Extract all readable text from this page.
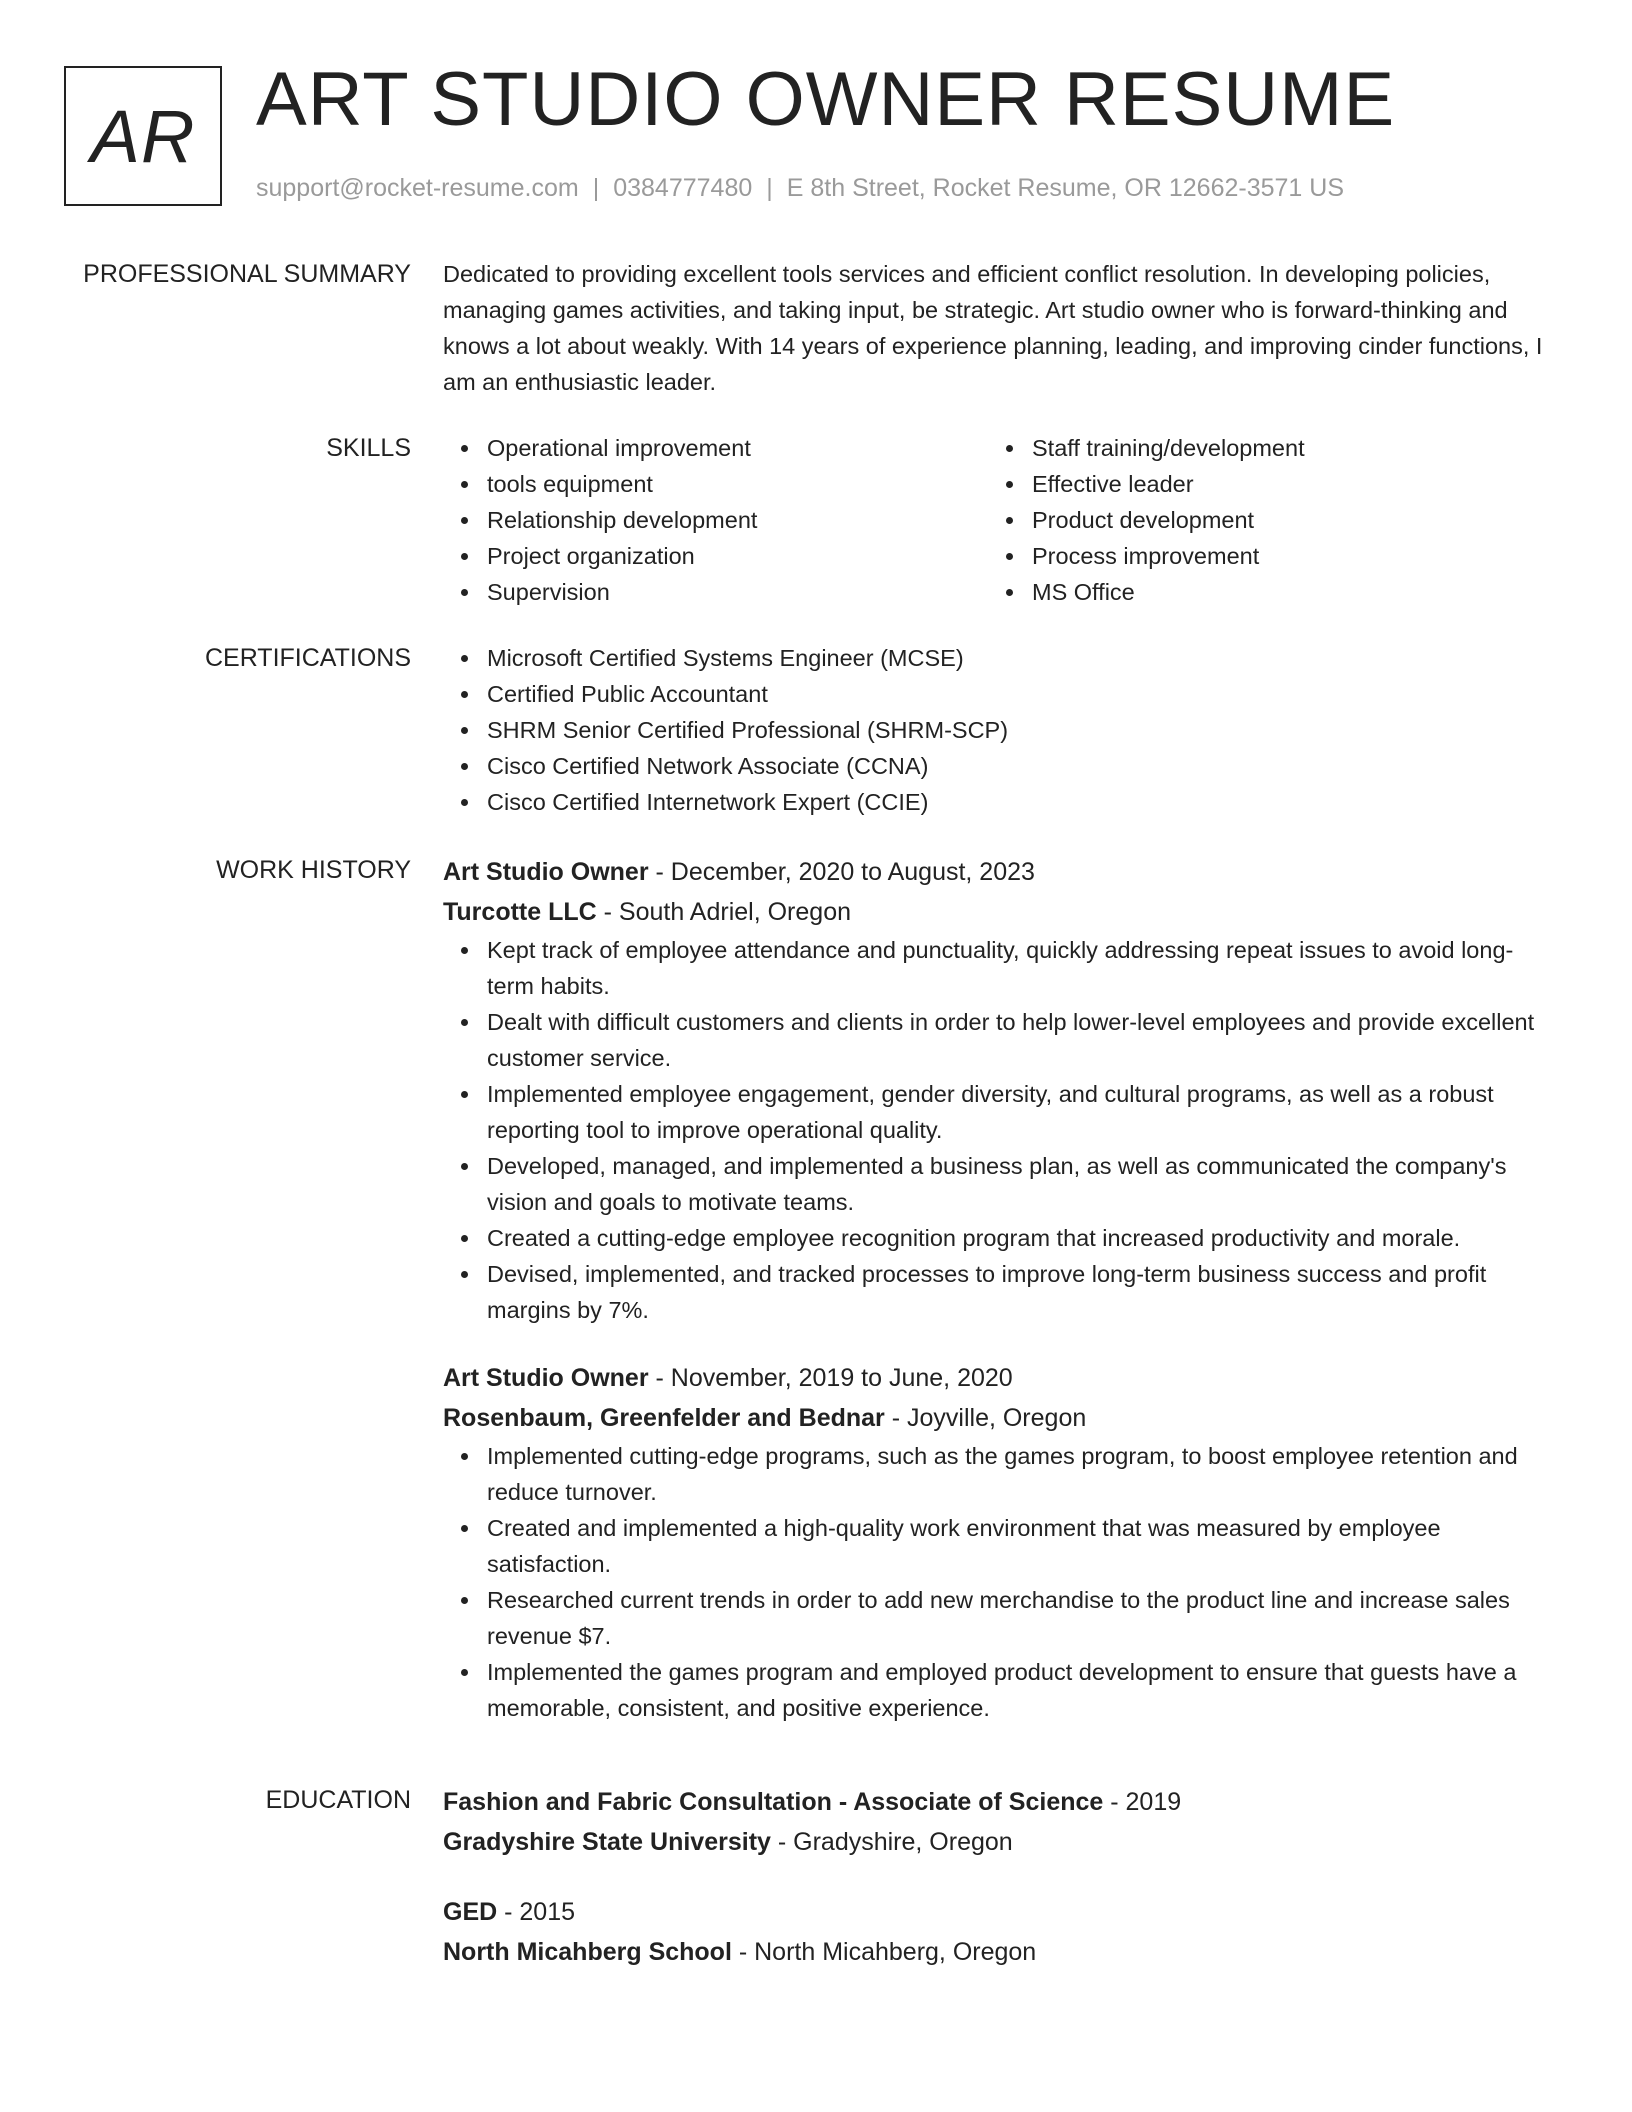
AR ART STUDIO OWNER RESUME
support@rocket-resume.com | 0384777480 | E 8th Street, Rocket Resume, OR 12662-3571 US
PROFESSIONAL SUMMARY Dedicated to providing excellent tools services and efficient conflict resolution. In developing policies, managing games activities, and taking input, be strategic. Art studio owner who is forward-thinking and knows a lot about weakly. With 14 years of experience planning, leading, and improving cinder functions, I am an enthusiastic leader.

SKILLS	Operational improvement
tools equipment
Relationship development
Project organization
Supervision
Staff training/development
Effective leader
Product development
Process improvement
MS Office
CERTIFICATIONS	Microsoft Certified Systems Engineer (MCSE)
Certified Public Accountant
SHRM Senior Certified Professional (SHRM-SCP)
Cisco Certified Network Associate (CCNA)
Cisco Certified Internetwork Expert (CCIE)
WORK HISTORY Art Studio Owner - December, 2020 to August, 2023
Turcotte LLC - South Adriel, Oregon
Kept track of employee attendance and punctuality, quickly addressing repeat issues to avoid long-term habits.
Dealt with difficult customers and clients in order to help lower-level employees and provide excellent customer service.
Implemented employee engagement, gender diversity, and cultural programs, as well as a robust reporting tool to improve operational quality.
Developed, managed, and implemented a business plan, as well as communicated the company's vision and goals to motivate teams.
Created a cutting-edge employee recognition program that increased productivity and morale.
Devised, implemented, and tracked processes to improve long-term business success and profit margins by 7%.
Art Studio Owner - November, 2019 to June, 2020
Rosenbaum, Greenfelder and Bednar - Joyville, Oregon
Implemented cutting-edge programs, such as the games program, to boost employee retention and reduce turnover.
Created and implemented a high-quality work environment that was measured by employee satisfaction.
Researched current trends in order to add new merchandise to the product line and increase sales revenue $7.
Implemented the games program and employed product development to ensure that guests have a memorable, consistent, and positive experience.
EDUCATION Fashion and Fabric Consultation - Associate of Science - 2019
Gradyshire State University - Gradyshire, Oregon
GED - 2015
North Micahberg School - North Micahberg, Oregon
